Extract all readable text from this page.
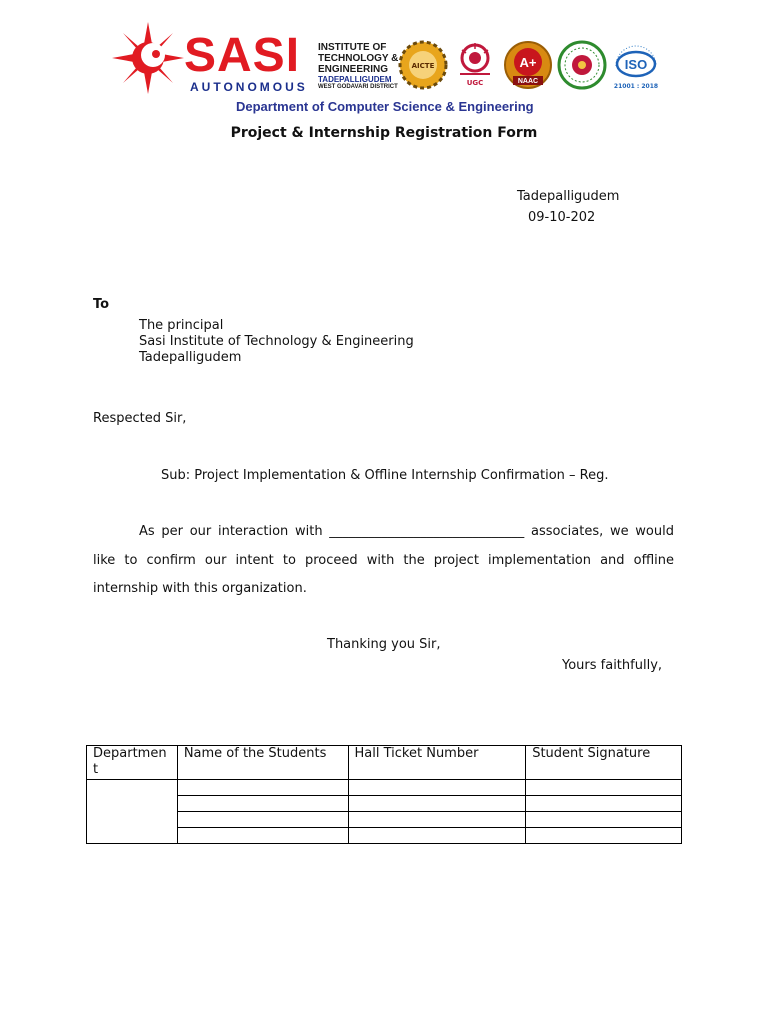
SASI
AUTONOMOUS
INSTITUTE OF
TECHNOLOGY &
ENGINEERING
TADEPALLIGUDEM
WEST GODAVARI DISTRICT
AICTE
UGC
A+
NAAC
ISO
21001 : 2018
Department of Computer Science & Engineering
Project & Internship Registration Form
Tadepalligudem
09-10-202
To
The principal
Sasi Institute of Technology & Engineering
Tadepalligudem
Respected Sir,
Sub: Project Implementation & Offline Internship Confirmation – Reg.
As per our interaction with ______________________________ associates, we would like to confirm our intent to proceed with the project implementation and offline internship with this organization.
Thanking you Sir,
Yours faithfully,
Departmen t	Name of the Students	Hall Ticket Number	Student Signature
